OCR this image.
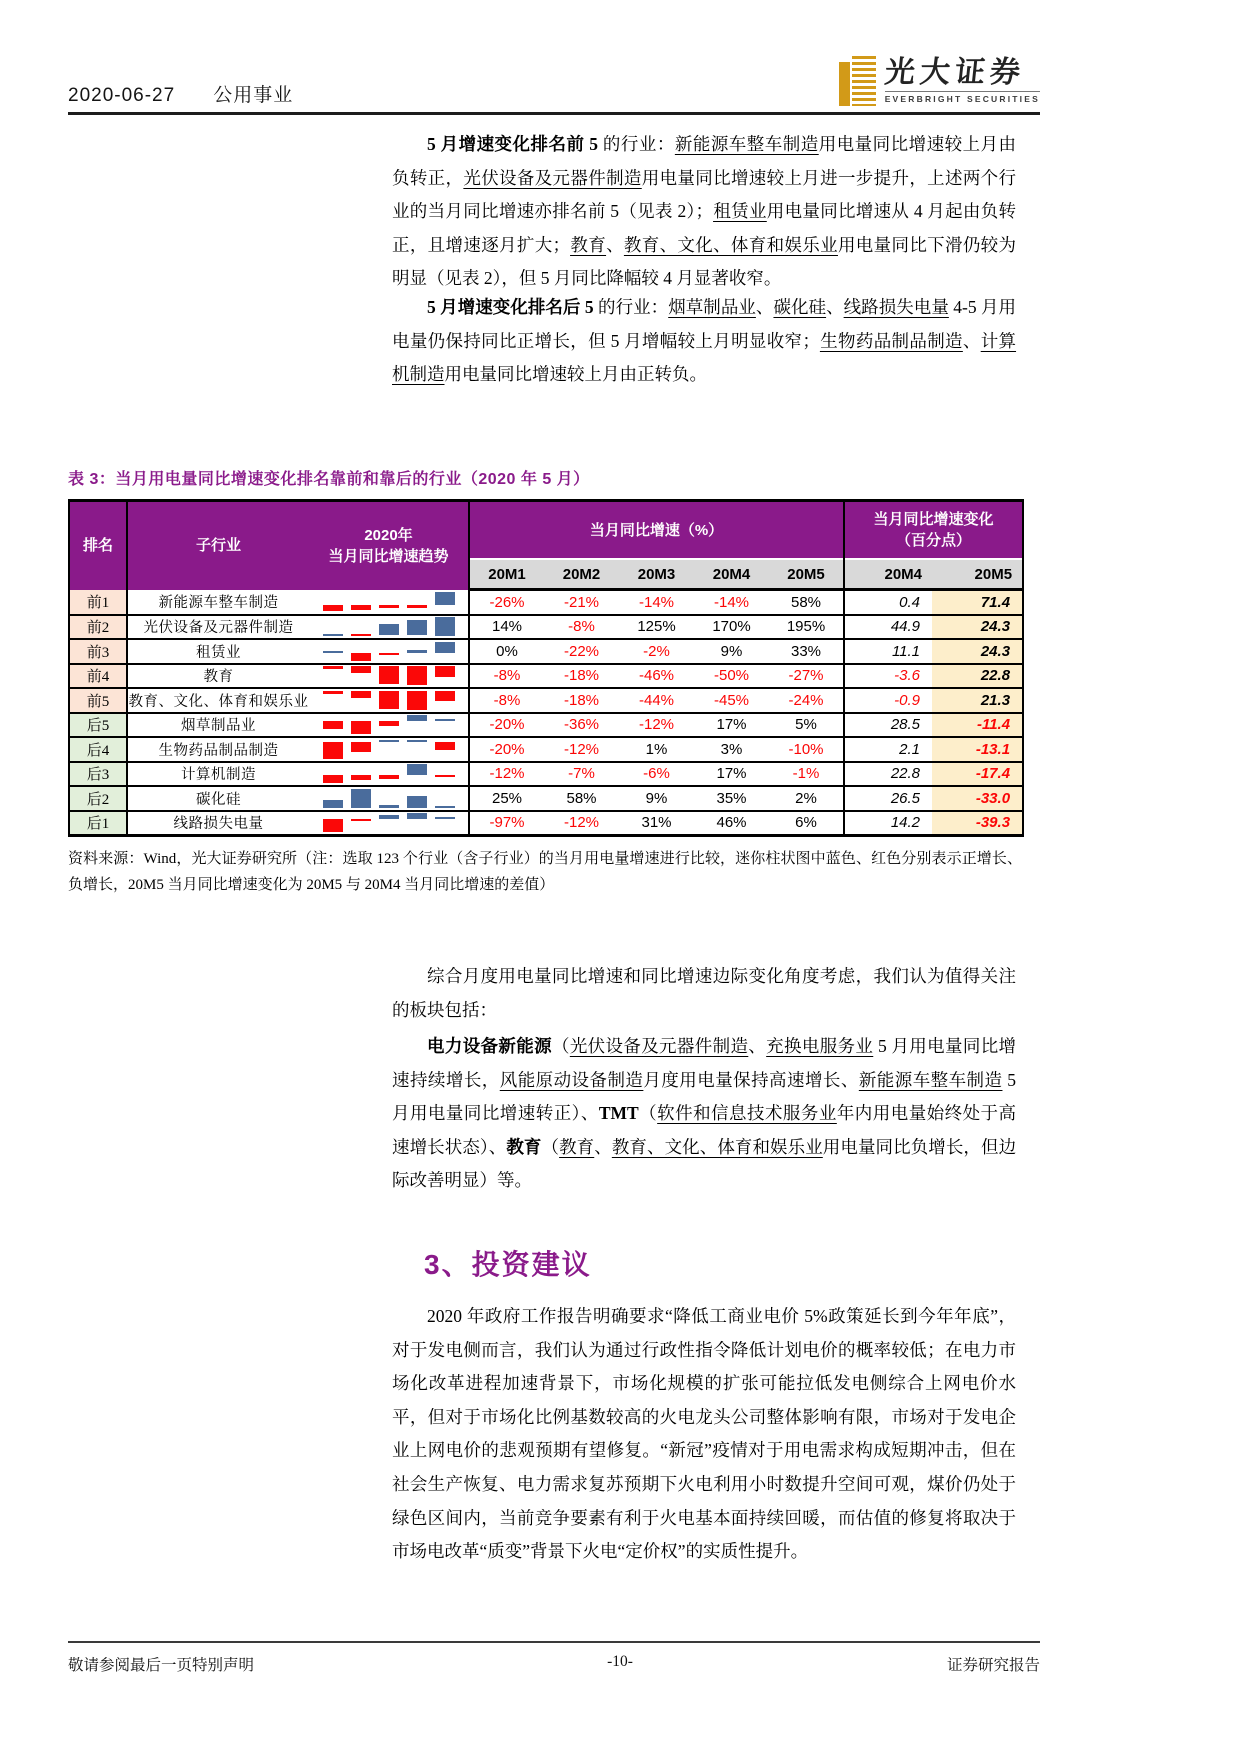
2020-06-27 公用事业
光大证券
EVERBRIGHT SECURITIES

5 月增速变化排名前 5 的行业：新能源车整车制造用电量同比增速较上月由负转正，光伏设备及元器件制造用电量同比增速较上月进一步提升，上述两个行业的当月同比增速亦排名前 5（见表 2）；租赁业用电量同比增速从 4 月起由负转正，且增速逐月扩大；教育、教育、文化、体育和娱乐业用电量同比下滑仍较为明显（见表 2），但 5 月同比降幅较 4 月显著收窄。

5 月增速变化排名后 5 的行业：烟草制品业、碳化硅、线路损失电量 4-5 月用电量仍保持同比正增长，但 5 月增幅较上月明显收窄；生物药品制品制造、计算机制造用电量同比增速较上月由正转负。

表 3：当月用电量同比增速变化排名靠前和靠后的行业（2020 年 5 月）
排名	子行业	
2020年
当月同比增速趋势
	当月同比增速（%）	
当月同比增速变化
（百分点）

			20M1	20M2	20M3	20M4	20M5	20M4	20M5
前1	新能源车整车制造		-26%	-21%	-14%	-14%	58%	0.4	71.4
前2	光伏设备及元器件制造		14%	-8%	125%	170%	195%	44.9	24.3
前3	租赁业		0%	-22%	-2%	9%	33%	11.1	24.3
前4	教育		-8%	-18%	-46%	-50%	-27%	-3.6	22.8
前5	教育、文化、体育和娱乐业		-8%	-18%	-44%	-45%	-24%	-0.9	21.3
后5	烟草制品业		-20%	-36%	-12%	17%	5%	28.5	-11.4
后4	生物药品制品制造		-20%	-12%	1%	3%	-10%	2.1	-13.1
后3	计算机制造		-12%	-7%	-6%	17%	-1%	22.8	-17.4
后2	碳化硅		25%	58%	9%	35%	2%	26.5	-33.0
后1	线路损失电量		-97%	-12%	31%	46%	6%	14.2	-39.3
资料来源：Wind，光大证券研究所（注：选取 123 个行业（含子行业）的当月用电量增速进行比较，迷你柱状图中蓝色、红色分别表示正增长、负增长，20M5 当月同比增速变化为 20M5 与 20M4 当月同比增速的差值）

综合月度用电量同比增速和同比增速边际变化角度考虑，我们认为值得关注的板块包括：

电力设备新能源（光伏设备及元器件制造、充换电服务业 5 月用电量同比增速持续增长，风能原动设备制造月度用电量保持高速增长、新能源车整车制造 5 月用电量同比增速转正）、TMT（软件和信息技术服务业年内用电量始终处于高速增长状态）、教育（教育、教育、文化、体育和娱乐业用电量同比负增长，但边际改善明显）等。

3、投资建议

2020 年政府工作报告明确要求“降低工商业电价 5%政策延长到今年年底”，对于发电侧而言，我们认为通过行政性指令降低计划电价的概率较低；在电力市场化改革进程加速背景下，市场化规模的扩张可能拉低发电侧综合上网电价水平，但对于市场化比例基数较高的火电龙头公司整体影响有限，市场对于发电企业上网电价的悲观预期有望修复。“新冠”疫情对于用电需求构成短期冲击，但在社会生产恢复、电力需求复苏预期下火电利用小时数提升空间可观，煤价仍处于绿色区间内，当前竞争要素有利于火电基本面持续回暖，而估值的修复将取决于市场电改革“质变”背景下火电“定价权”的实质性提升。

敬请参阅最后一页特别声明	-10-	证券研究报告
